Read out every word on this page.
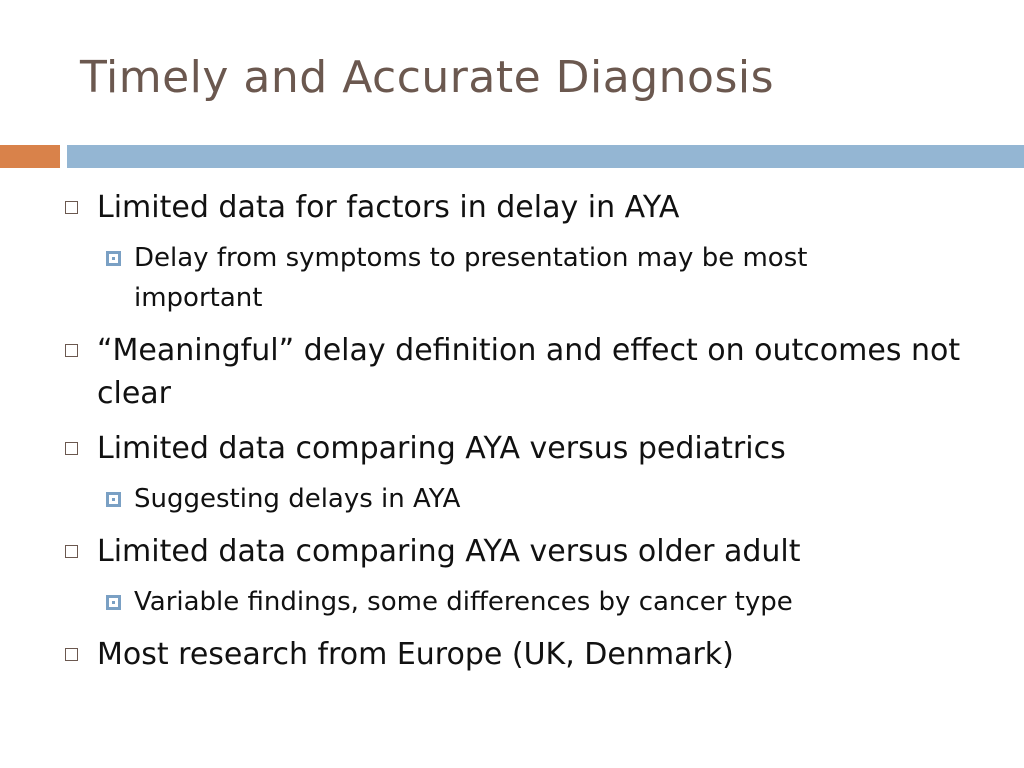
Timely and Accurate Diagnosis
Limited data for factors in delay in AYA
Delay from symptoms to presentation may be most important
“Meaningful” delay definition and effect on outcomes not clear
Limited data comparing AYA versus pediatrics
Suggesting delays in AYA
Limited data comparing AYA versus older adult
Variable findings, some differences by cancer type
Most research from Europe (UK, Denmark)
